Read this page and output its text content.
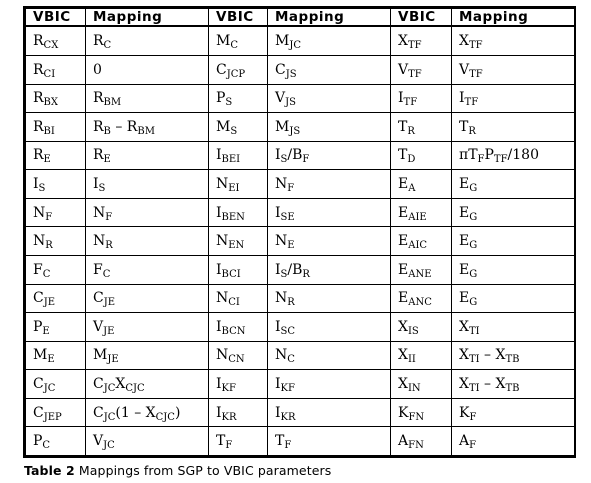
VBIC	Mapping	VBIC	Mapping	VBIC	Mapping
$R_{CX}$	$R_C$	$M_C$	$M_{JC}$	$X_{TF}$	$X_{TF}$
$R_{CI}$	0	$C_{JCP}$	$C_{JS}$	$V_{TF}$	$V_{TF}$
$R_{BX}$	$R_{BM}$	$P_S$	$V_{JS}$	$I_{TF}$	$I_{TF}$
$R_{BI}$	$R_B - R_{BM}$	$M_S$	$M_{JS}$	$T_R$	$T_R$
$R_E$	$R_E$	$I_{BEI}$	$I_S/B_F$	$T_D$	$\pi T_FP_{TF}/180$
$I_S$	$I_S$	$N_{EI}$	$N_F$	$E_A$	$E_G$
$N_F$	$N_F$	$I_{BEN}$	$I_{SE}$	$E_{AIE}$	$E_G$
$N_R$	$N_R$	$N_{EN}$	$N_E$	$E_{AIC}$	$E_G$
$F_C$	$F_C$	$I_{BCI}$	$I_S/B_R$	$E_{ANE}$	$E_G$
$C_{JE}$	$C_{JE}$	$N_{CI}$	$N_R$	$E_{ANC}$	$E_G$
$P_E$	$V_{JE}$	$I_{BCN}$	$I_{SC}$	$X_{IS}$	$X_{TI}$
$M_E$	$M_{JE}$	$N_{CN}$	$N_C$	$X_{II}$	$X_{TI} - X_{TB}$
$C_{JC}$	$C_{JC}X_{CJC}$	$I_{KF}$	$I_{KF}$	$X_{IN}$	$X_{TI} - X_{TB}$
$C_{JEP}$	$C_{JC}(1 - X_{CJC})$	$I_{KR}$	$I_{KR}$	$K_{FN}$	$K_F$
$P_C$	$V_{JC}$	$T_F$	$T_F$	$A_{FN}$	$A_F$
Table 2 Mappings from SGP to VBIC parameters
